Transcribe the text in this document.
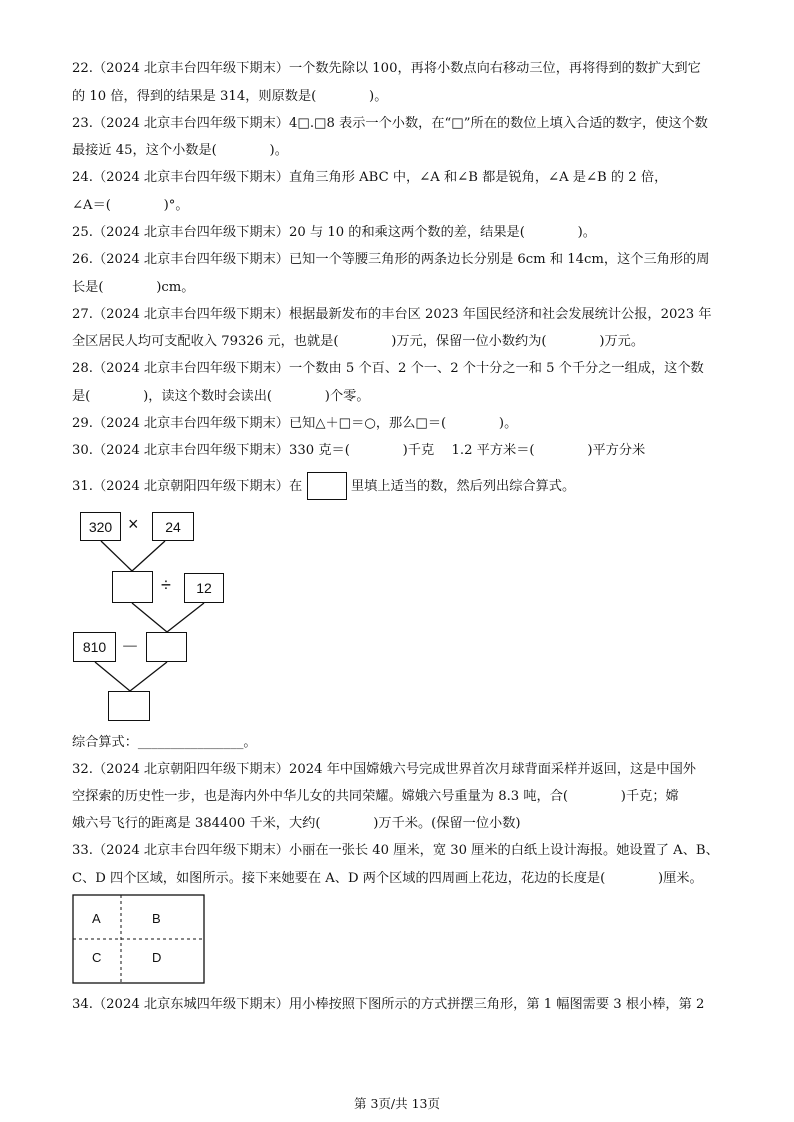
22.（2024 北京丰台四年级下期末）一个数先除以 100，再将小数点向右移动三位，再将得到的数扩大到它
的 10 倍，得到的结果是 314，则原数是(　　　　)。
23.（2024 北京丰台四年级下期末）4□.□8 表示一个小数，在“□”所在的数位上填入合适的数字，使这个数
最接近 45，这个小数是(　　　　)。
24.（2024 北京丰台四年级下期末）直角三角形 ABC 中，∠A 和∠B 都是锐角，∠A 是∠B 的 2 倍，
∠A＝(　　　　)°。
25.（2024 北京丰台四年级下期末）20 与 10 的和乘这两个数的差，结果是(　　　　)。
26.（2024 北京丰台四年级下期末）已知一个等腰三角形的两条边长分别是 6cm 和 14cm，这个三角形的周
长是(　　　　)cm。
27.（2024 北京丰台四年级下期末）根据最新发布的丰台区 2023 年国民经济和社会发展统计公报，2023 年
全区居民人均可支配收入 79326 元，也就是(　　　　)万元，保留一位小数约为(　　　　)万元。
28.（2024 北京丰台四年级下期末）一个数由 5 个百、2 个一、2 个十分之一和 5 个千分之一组成，这个数
是(　　　　)，读这个数时会读出(　　　　)个零。
29.（2024 北京丰台四年级下期末）已知△＋□＝○，那么□＝(　　　　)。
30.（2024 北京丰台四年级下期末）330 克＝(　　　　)千克　 1.2 平方米＝(　　　　)平方分米
31.（2024 北京朝阳四年级下期末）在	里填上适当的数，然后列出综合算式。
320 ×	24
÷	12
810 －
综合算式：________________。
32.（2024 北京朝阳四年级下期末）2024 年中国嫦娥六号完成世界首次月球背面采样并返回，这是中国外
空探索的历史性一步，也是海内外中华儿女的共同荣耀。嫦娥六号重量为 8.3 吨，合(　　　　)千克；嫦
娥六号飞行的距离是 384400 千米，大约(　　　　)万千米。(保留一位小数)
33.（2024 北京丰台四年级下期末）小丽在一张长 40 厘米，宽 30 厘米的白纸上设计海报。她设置了 A、B、
C、D 四个区域，如图所示。接下来她要在 A、D 两个区域的四周画上花边，花边的长度是(　　　　)厘米。
A	B
C	D
34.（2024 北京东城四年级下期末）用小棒按照下图所示的方式拼摆三角形，第 1 幅图需要 3 根小棒，第 2
第 3页/共 13页
